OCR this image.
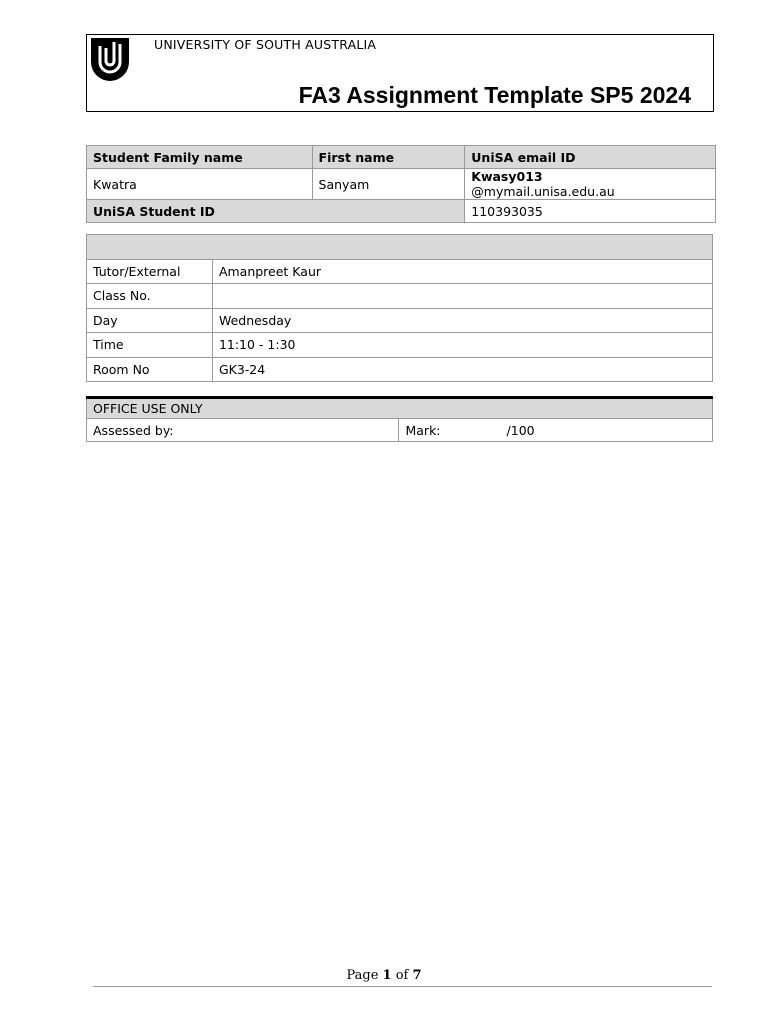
UNIVERSITY OF SOUTH AUSTRALIA
FA3 Assignment Template SP5 2024
Student Family name	First name	UniSA email ID
Kwatra	Sanyam	Kwasy013@mymail.unisa.edu.au
UniSA Student ID		110393035

Tutor/External	Amanpreet Kaur
Class No.	
Day	Wednesday
Time	11:10 - 1:30
Room No	GK3-24
OFFICE USE ONLY
Assessed by:	Mark:	/100
Page 1 of 7
